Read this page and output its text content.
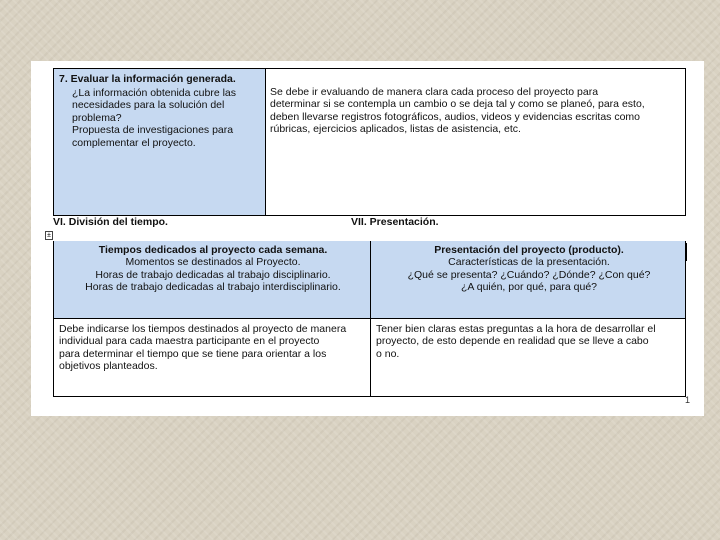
7. Evaluar la información generada.

¿La información obtenida cubre las
necesidades para la solución del
problema?
Propuesta de investigaciones para
complementar el proyecto.

Se debe ir evaluando de manera clara cada proceso del proyecto para
determinar si se contempla un cambio o se deja tal y como se planeó, para esto,
deben llevarse registros fotográficos, audios, videos y evidencias escritas como
rúbricas, ejercicios aplicados, listas de asistencia, etc.

VI. División del tiempo.	VII. Presentación.
±

Tiempos dedicados al proyecto cada semana.
Momentos se destinados al Proyecto.
Horas de trabajo dedicadas al trabajo disciplinario.
Horas de trabajo dedicadas al trabajo interdisciplinario.

Presentación del proyecto (producto).
Características de la presentación.
¿Qué se presenta? ¿Cuándo? ¿Dónde? ¿Con qué?
¿A quién, por qué, para qué?

Debe indicarse los tiempos destinados al proyecto de manera
individual para cada maestra participante en el proyecto
para determinar el tiempo que se tiene para orientar a los
objetivos planteados.

Tener bien claras estas preguntas a la hora de desarrollar el
proyecto, de esto depende en realidad que se lleve a cabo
o no.

1
